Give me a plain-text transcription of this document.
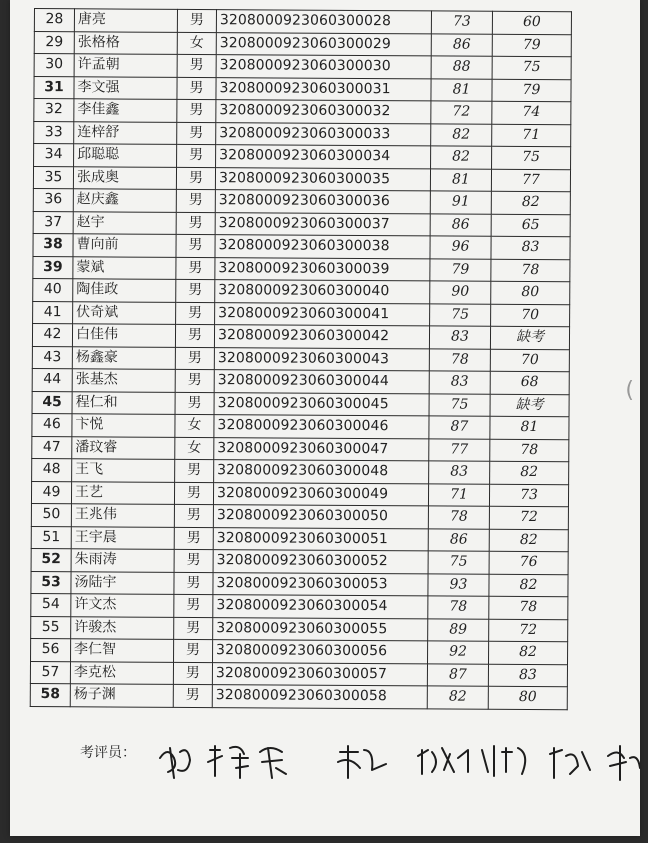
28	唐亮	男	3208000923060300028	73	60
29	张格格	女	3208000923060300029	86	79
30	许孟朝	男	3208000923060300030	88	75
31	李文强	男	3208000923060300031	81	79
32	李佳鑫	男	3208000923060300032	72	74
33	连梓舒	男	3208000923060300033	82	71
34	邱聪聪	男	3208000923060300034	82	75
35	张成奥	男	3208000923060300035	81	77
36	赵庆鑫	男	3208000923060300036	91	82
37	赵宇	男	3208000923060300037	86	65
38	曹向前	男	3208000923060300038	96	83
39	蒙斌	男	3208000923060300039	79	78
40	陶佳政	男	3208000923060300040	90	80
41	伏奇斌	男	3208000923060300041	75	70
42	白佳伟	男	3208000923060300042	83	缺考
43	杨鑫豪	男	3208000923060300043	78	70
44	张基杰	男	3208000923060300044	83	68
45	程仁和	男	3208000923060300045	75	缺考
46	卞悦	女	3208000923060300046	87	81
47	潘玟睿	女	3208000923060300047	77	78
48	王飞	男	3208000923060300048	83	82
49	王艺	男	3208000923060300049	71	73
50	王兆伟	男	3208000923060300050	78	72
51	王宇晨	男	3208000923060300051	86	82
52	朱雨涛	男	3208000923060300052	75	76
53	汤陆宇	男	3208000923060300053	93	82
54	许文杰	男	3208000923060300054	78	78
55	许骏杰	男	3208000923060300055	89	72
56	李仁智	男	3208000923060300056	92	82
57	李克松	男	3208000923060300057	87	83
58	杨子渊	男	3208000923060300058	82	80
考评员：
(
